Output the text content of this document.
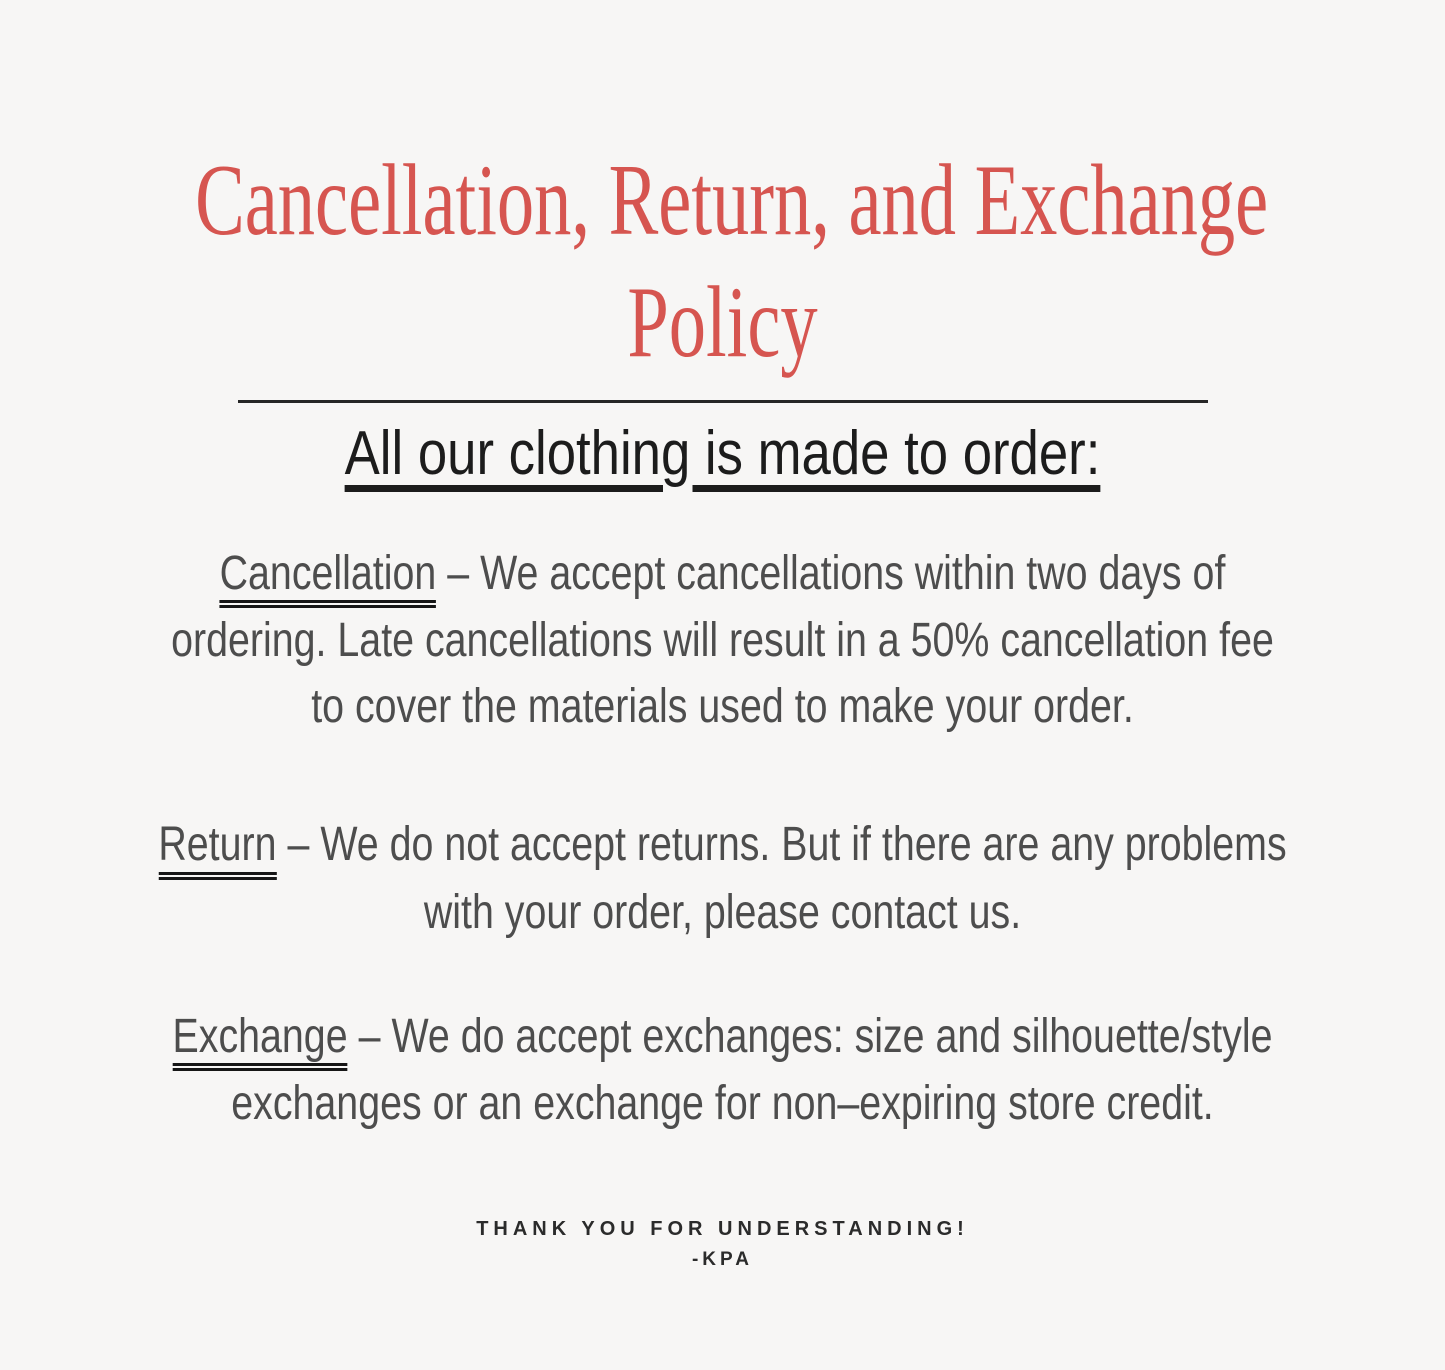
Cancellation, Return, and Exchange
Policy
All our clothing is made to order:
Cancellation – We accept cancellations within two days of
ordering. Late cancellations will result in a 50% cancellation fee
to cover the materials used to make your order.
Return – We do not accept returns. But if there are any problems
with your order, please contact us.
Exchange – We do accept exchanges: size and silhouette/style
exchanges or an exchange for non–expiring store credit.
THANK YOU FOR UNDERSTANDING!
-KPA
